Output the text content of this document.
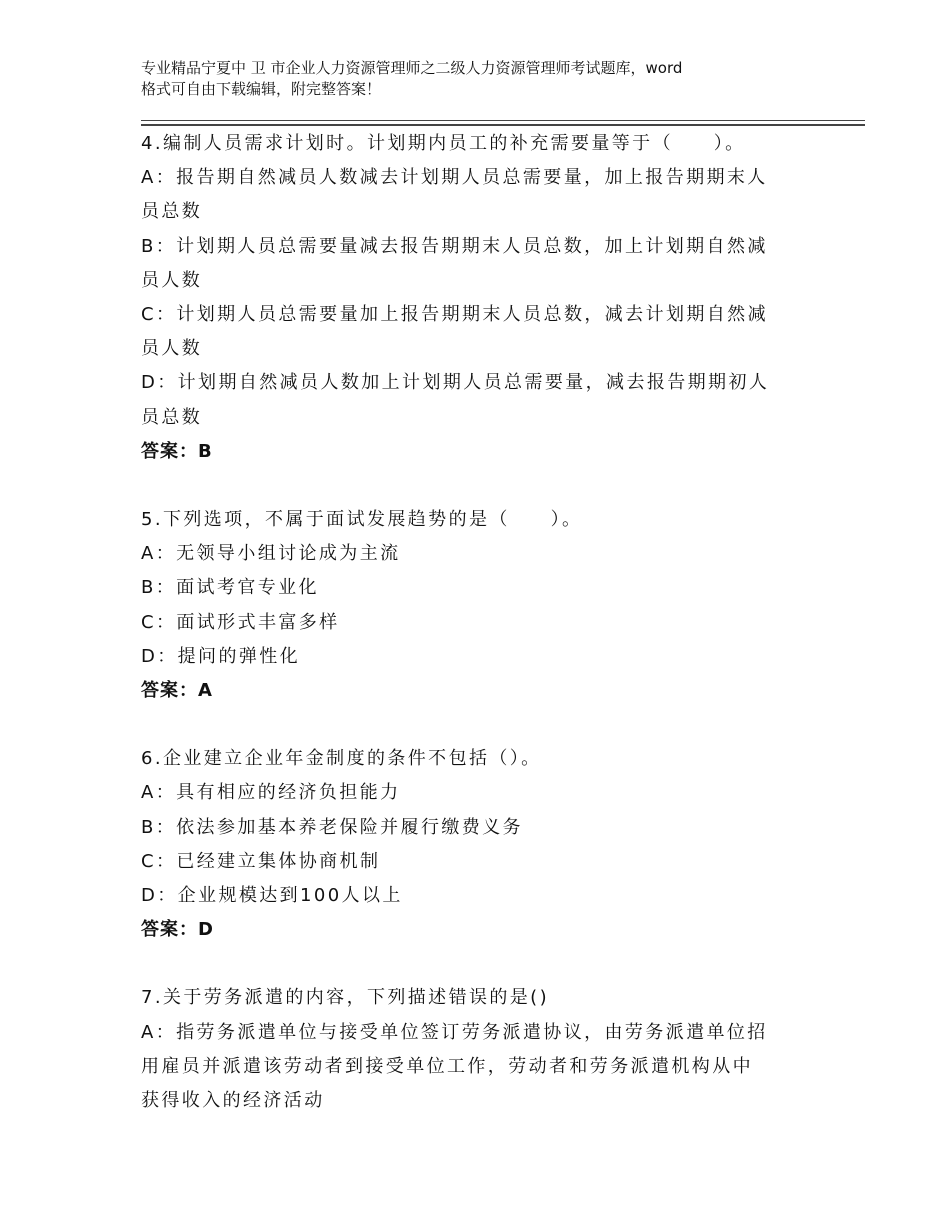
专业精品宁夏中 卫 市企业人力资源管理师之二级人力资源管理师考试题库，word
格式可自由下载编辑，附完整答案！
4.编制人员需求计划时。计划期内员工的补充需要量等于（　　）。
A：报告期自然减员人数减去计划期人员总需要量，加上报告期期末人
员总数
B：计划期人员总需要量减去报告期期末人员总数，加上计划期自然减
员人数
C：计划期人员总需要量加上报告期期末人员总数，减去计划期自然减
员人数
D：计划期自然减员人数加上计划期人员总需要量，减去报告期期初人
员总数
答案：B
5.下列选项，不属于面试发展趋势的是（　　）。
A：无领导小组讨论成为主流
B：面试考官专业化
C：面试形式丰富多样
D：提问的弹性化
答案：A
6.企业建立企业年金制度的条件不包括（）。
A：具有相应的经济负担能力
B：依法参加基本养老保险并履行缴费义务
C：已经建立集体协商机制
D：企业规模达到100人以上
答案：D
7.关于劳务派遣的内容，下列描述错误的是()
A：指劳务派遣单位与接受单位签订劳务派遣协议，由劳务派遣单位招
用雇员并派遣该劳动者到接受单位工作，劳动者和劳务派遣机构从中
获得收入的经济活动
